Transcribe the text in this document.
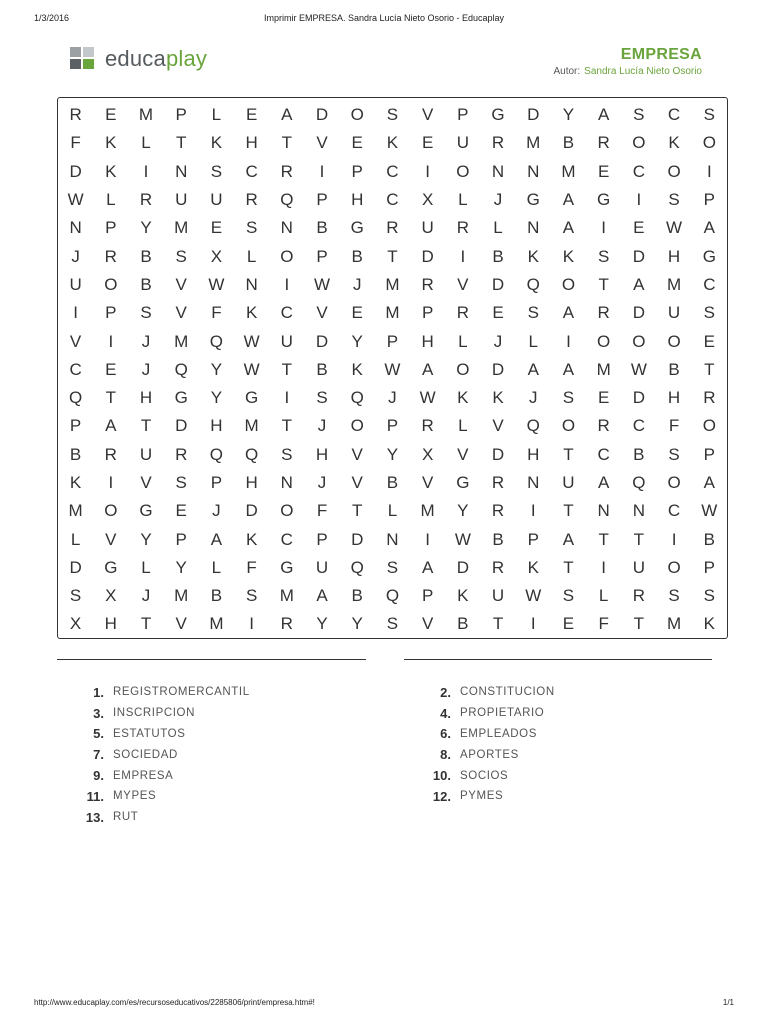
1/3/2016	Imprimir EMPRESA. Sandra Lucía Nieto Osorio - Educaplay
educaplay	EMPRESA
Autor: Sandra Lucía Nieto Osorio
R	E	M	P	L	E	A	D	O	S	V	P	G	D	Y	A	S	C	S
F	K	L	T	K	H	T	V	E	K	E	U	R	M	B	R	O	K	O
D	K	I	N	S	C	R	I	P	C	I	O	N	N	M	E	C	O	I
W	L	R	U	U	R	Q	P	H	C	X	L	J	G	A	G	I	S	P
N	P	Y	M	E	S	N	B	G	R	U	R	L	N	A	I	E	W	A
J	R	B	S	X	L	O	P	B	T	D	I	B	K	K	S	D	H	G
U	O	B	V	W	N	I	W	J	M	R	V	D	Q	O	T	A	M	C
I	P	S	V	F	K	C	V	E	M	P	R	E	S	A	R	D	U	S
V	I	J	M	Q	W	U	D	Y	P	H	L	J	L	I	O	O	O	E
C	E	J	Q	Y	W	T	B	K	W	A	O	D	A	A	M	W	B	T
Q	T	H	G	Y	G	I	S	Q	J	W	K	K	J	S	E	D	H	R
P	A	T	D	H	M	T	J	O	P	R	L	V	Q	O	R	C	F	O
B	R	U	R	Q	Q	S	H	V	Y	X	V	D	H	T	C	B	S	P
K	I	V	S	P	H	N	J	V	B	V	G	R	N	U	A	Q	O	A
M	O	G	E	J	D	O	F	T	L	M	Y	R	I	T	N	N	C	W
L	V	Y	P	A	K	C	P	D	N	I	W	B	P	A	T	T	I	B
D	G	L	Y	L	F	G	U	Q	S	A	D	R	K	T	I	U	O	P
S	X	J	M	B	S	M	A	B	Q	P	K	U	W	S	L	R	S	S
X	H	T	V	M	I	R	Y	Y	S	V	B	T	I	E	F	T	M	K
1. REGISTROMERCANTIL
3. INSCRIPCION
5. ESTATUTOS
7. SOCIEDAD
9. EMPRESA
11. MYPES
13. RUT
2. CONSTITUCION
4. PROPIETARIO
6. EMPLEADOS
8. APORTES
10. SOCIOS
12. PYMES
http://www.educaplay.com/es/recursoseducativos/2285806/print/empresa.htm#!	1/1
